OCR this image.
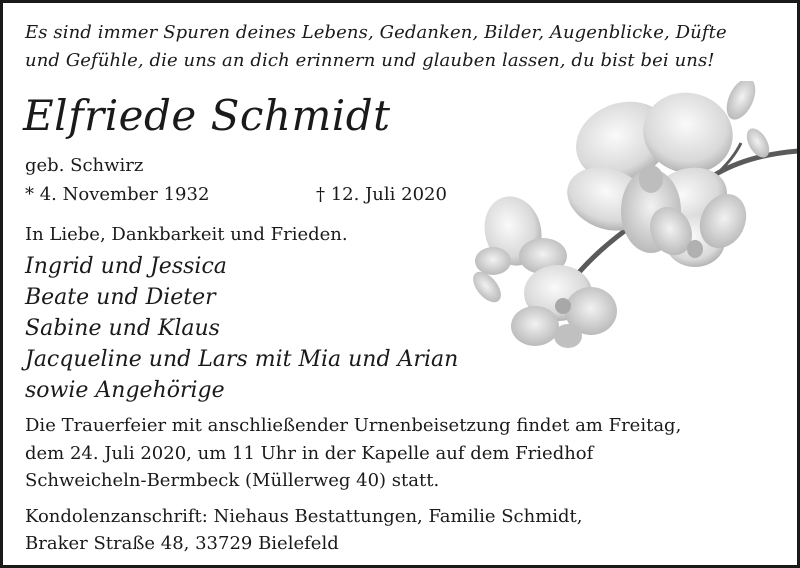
Es sind immer Spuren deines Lebens, Gedanken, Bilder, Augenblicke, Düfte
und Gefühle, die uns an dich erinnern und glauben lassen, du bist bei uns!
Elfriede Schmidt
geb. Schwirz
* 4. November 1932	† 12. Juli 2020
In Liebe, Dankbarkeit und Frieden.
Ingrid und Jessica
Beate und Dieter
Sabine und Klaus
Jacqueline und Lars mit Mia und Arian
sowie Angehörige
Die Trauerfeier mit anschließender Urnenbeisetzung findet am Freitag,
dem 24. Juli 2020, um 11 Uhr in der Kapelle auf dem Friedhof
Schweicheln-Bermbeck (Müllerweg 40) statt.
Kondolenzanschrift: Niehaus Bestattungen, Familie Schmidt,
Braker Straße 48, 33729 Bielefeld
